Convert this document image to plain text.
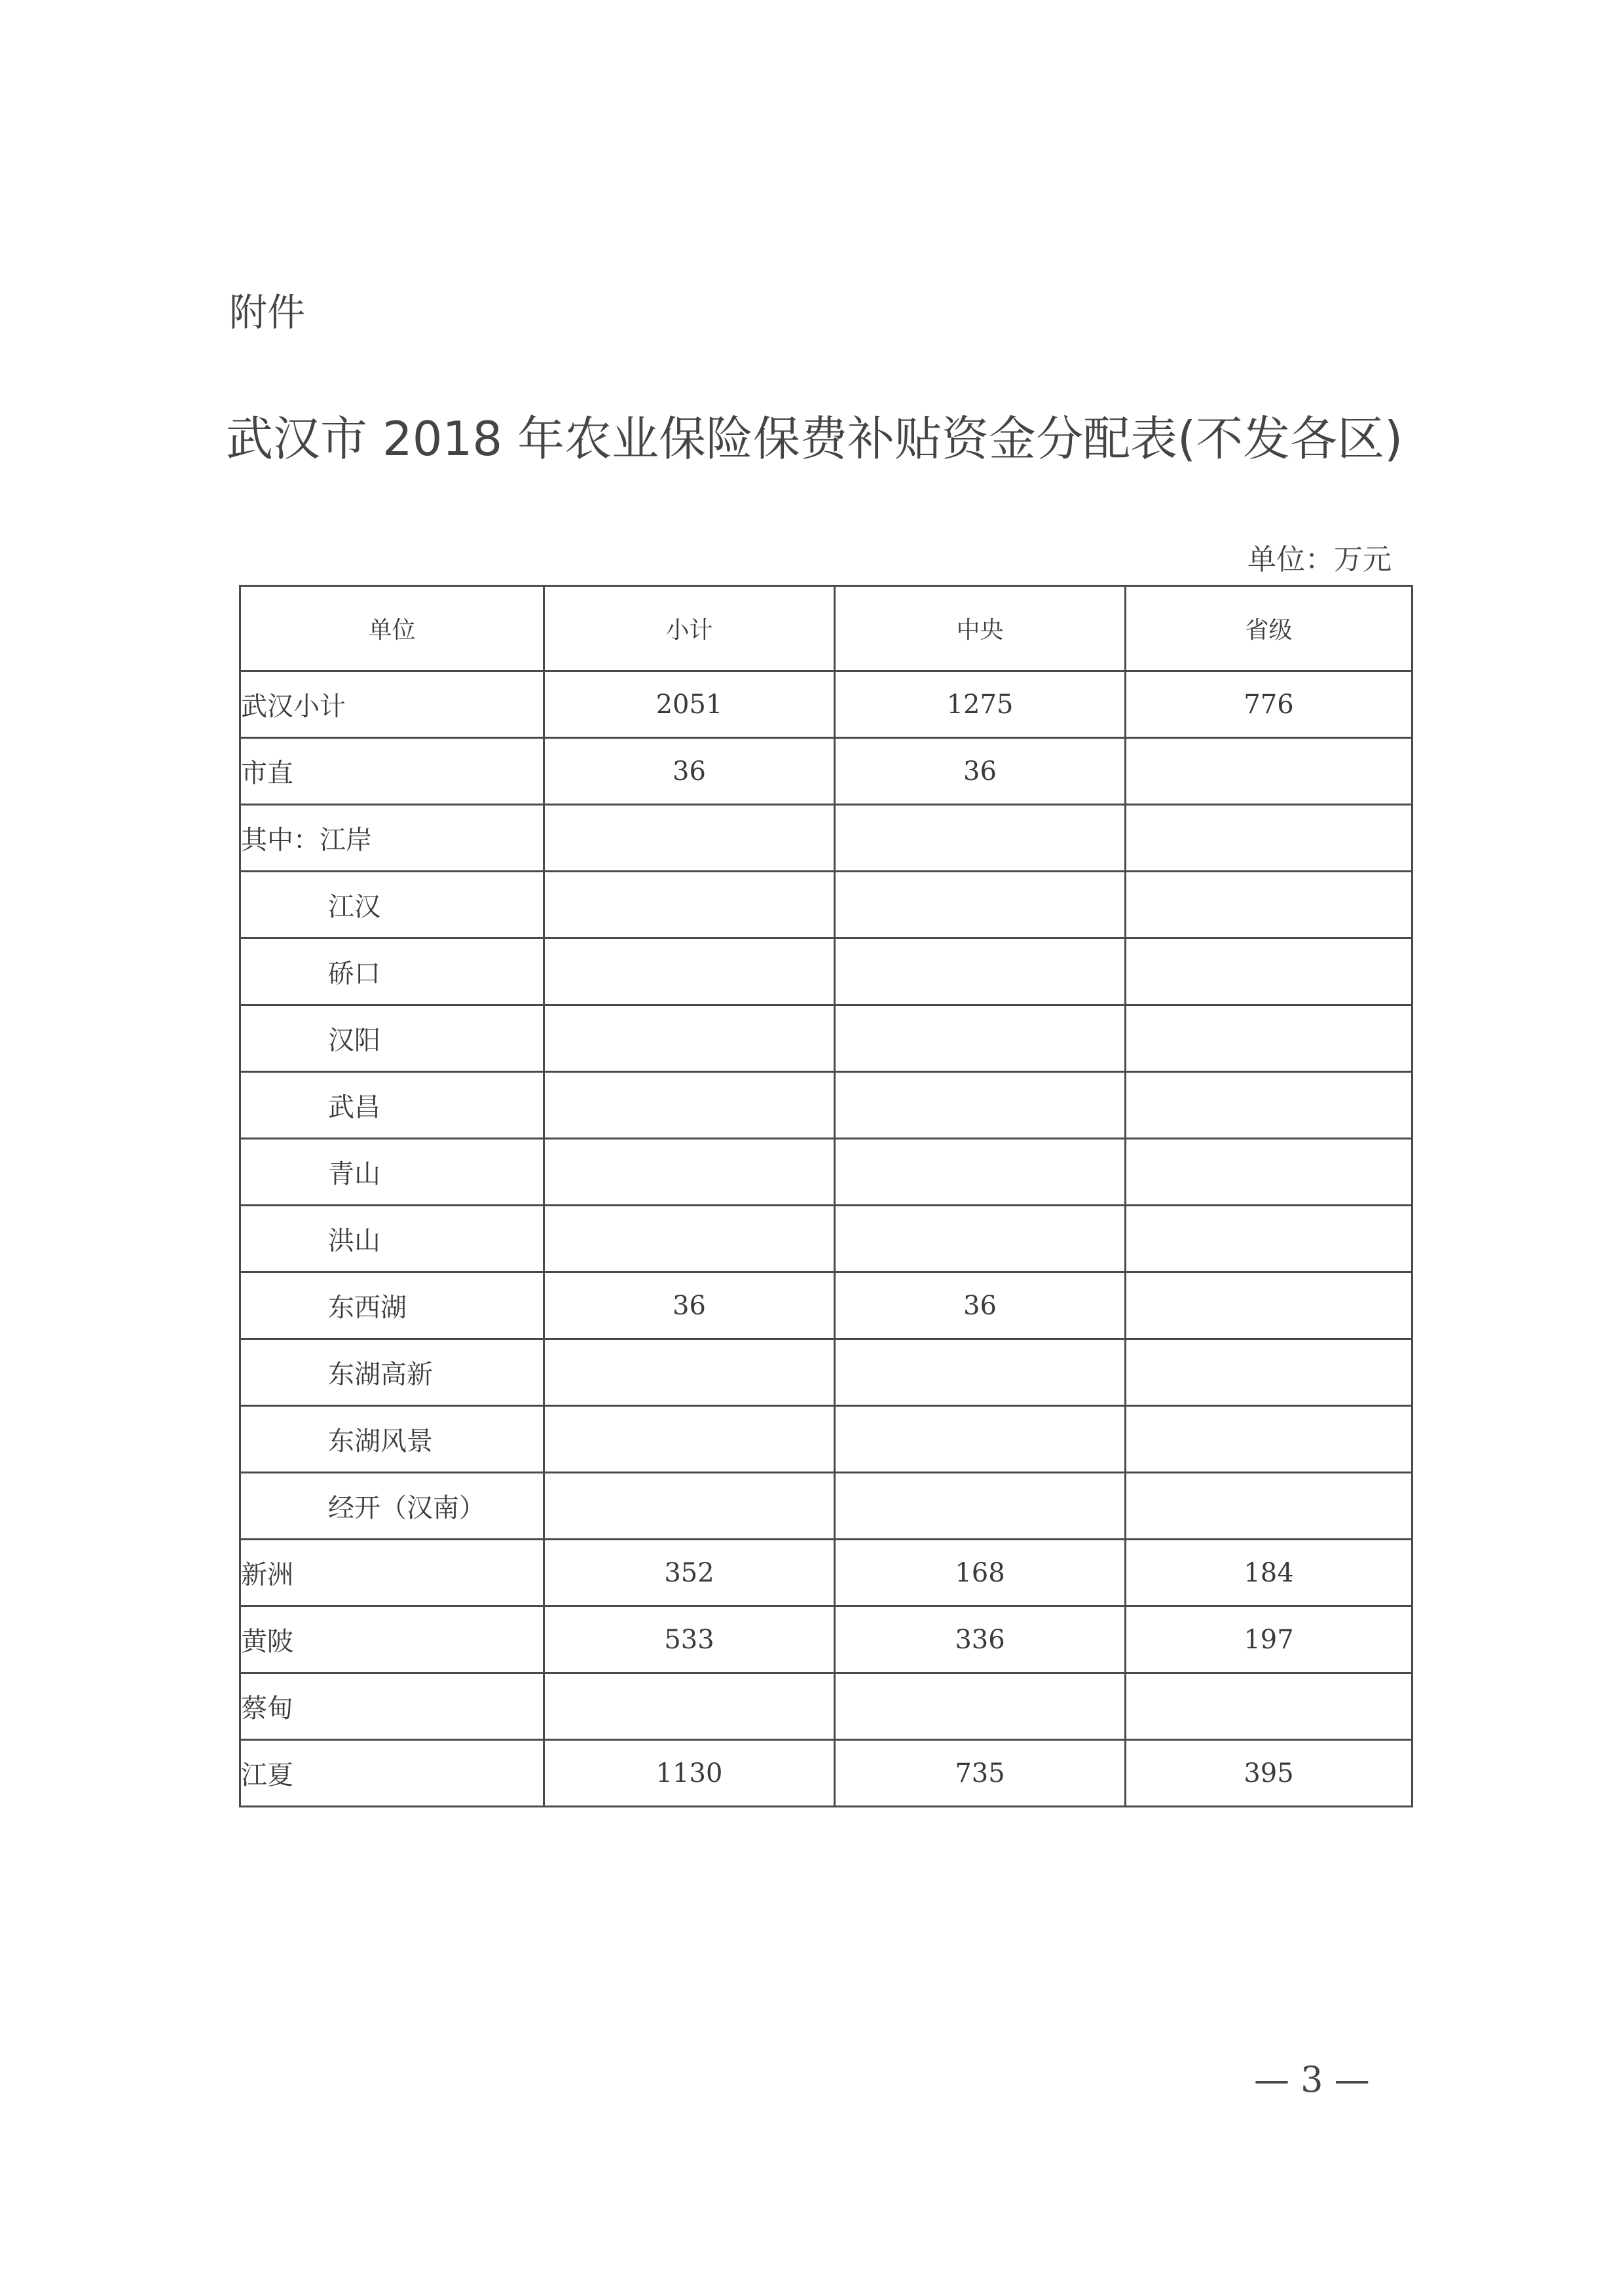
附件
武汉市 2018 年农业保险保费补贴资金分配表(不发各区)
单位：万元
单位	小计	中央	省级
武汉小计	2051	1275	776
市直	36	36	
其中：江岸			
江汉			
硚口			
汉阳			
武昌			
青山			
洪山			
东西湖	36	36	
东湖高新			
东湖风景			
经开（汉南）			
新洲	352	168	184
黄陂	533	336	197
蔡甸			
江夏	1130	735	395
— 3 —
